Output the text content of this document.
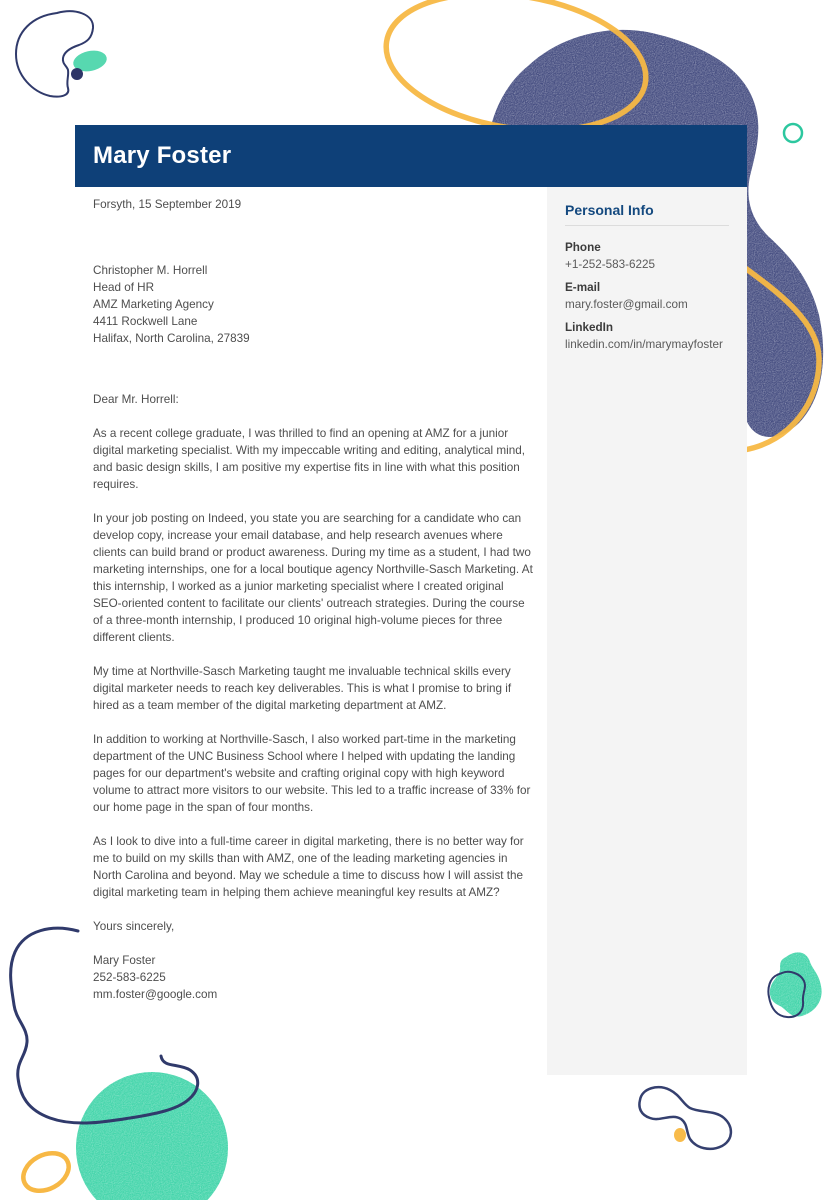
Mary Foster
Forsyth, 15 September 2019
Christopher M. Horrell
Head of HR
AMZ Marketing Agency
4411 Rockwell Lane
Halifax, North Carolina, 27839

Dear Mr. Horrell:

As a recent college graduate, I was thrilled to find an opening at AMZ for a junior digital marketing specialist. With my impeccable writing and editing, analytical mind, and basic design skills, I am positive my expertise fits in line with what this position requires.

In your job posting on Indeed, you state you are searching for a candidate who can develop copy, increase your email database, and help research avenues where clients can build brand or product awareness. During my time as a student, I had two marketing internships, one for a local boutique agency Northville-Sasch Marketing. At this internship, I worked as a junior marketing specialist where I created original SEO-oriented content to facilitate our clients' outreach strategies. During the course of a three-month internship, I produced 10 original high-volume pieces for three different clients.

My time at Northville-Sasch Marketing taught me invaluable technical skills every digital marketer needs to reach key deliverables. This is what I promise to bring if hired as a team member of the digital marketing department at AMZ.

In addition to working at Northville-Sasch, I also worked part-time in the marketing department of the UNC Business School where I helped with updating the landing pages for our department's website and crafting original copy with high keyword volume to attract more visitors to our website. This led to a traffic increase of 33% for our home page in the span of four months.

As I look to dive into a full-time career in digital marketing, there is no better way for me to build on my skills than with AMZ, one of the leading marketing agencies in North Carolina and beyond. May we schedule a time to discuss how I will assist the digital marketing team in helping them achieve meaningful key results at AMZ?

Yours sincerely,

Mary Foster
252-583-6225
mm.foster@google.com
Personal Info
Phone
+1-252-583-6225
E-mail
mary.foster@gmail.com
LinkedIn
linkedin.com/in/marymayfoster
